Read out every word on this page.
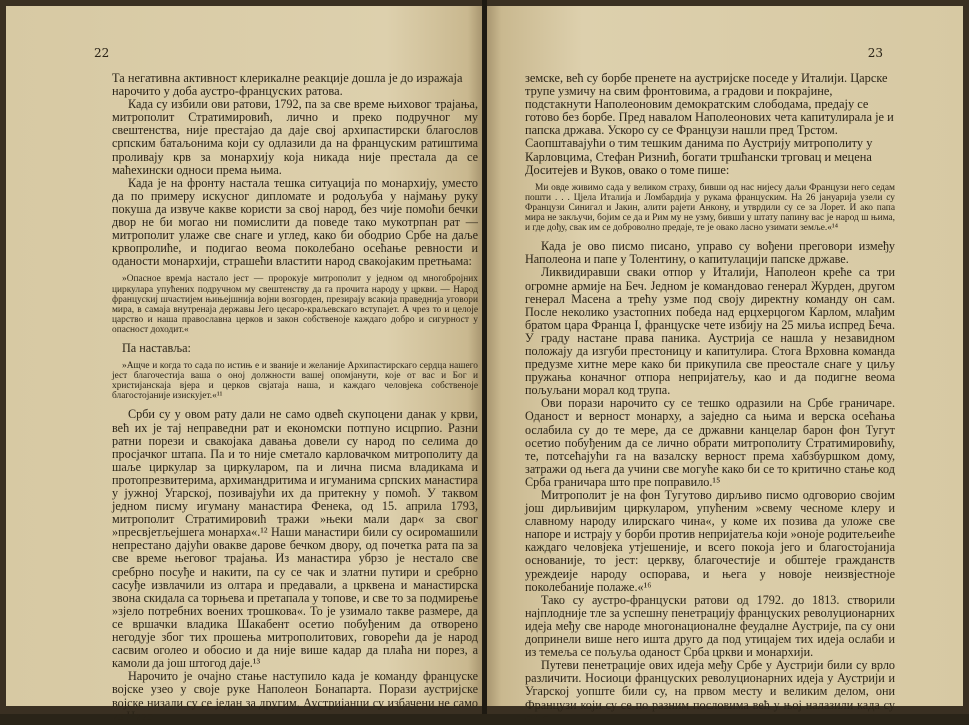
22

Та негативна активност клерикалне реакције дошла је до изражаја нарочито у доба аустро-француских ратова.

Када су избили ови ратови, 1792, па за све време њиховог трајања, митрополит Стратимировић, лично и преко подручног му свештенства, није престајао да даје свој архипастирски благослов српским батаљонима који су одлазили да на француским ратиштима проливају крв за монархију која никада није престала да се маћехински односи према њима.

Када је на фронту настала тешка ситуација по монархију, уместо да по примеру искусног дипломате и родољуба у најмању руку покуша да извуче какве користи за свој народ, без чије помоћи бечки двор не би могао ни помислити да поведе тако мукотрпан рат — митрополит улаже све снаге и углед, како би ободрио Србе на даље крвопролиће, и подигао веома поколебано осећање ревности и оданости монархији, страшећи властити народ свакојаким претњама:

»Опасное времја настало јест — пророкује митрополит у једном од многобројних циркулара упућених подручном му свештенству да га прочита народу у цркви. — Народ францускиј шчастијем њињејшнија војни возгорден, презирају всакија праведнија уговори мира, в самаја внутренаја державы Јего цесарo-краљевскаго вступајет. А чрез то и целоје царство и наша православна церков и закон собственоје каждаго добро и сигурност у опасност доходит.«

Па наставља:

»Ащче и когда то сада по истињ е и званије и желаније Архипастирскаго сердца нашего јест благочестија ваша о оној должности вашеј опомјанути, које от вас и Бог и христијанскаја вјера и церков свјатаја наша, и каждаго человјека собственоје благостојаније изискујет.«¹¹

Срби су у овом рату дали не само одвећ скупоцени данак у крви, већ их је тај неправедни рат и економски потпуно исцрпио. Разни ратни порези и свакојака давања довели су народ по селима до просјачког штапа. Па и то није сметало карловачком митрополиту да шаље циркулар за циркуларом, па и лична писма владикама и протопрезвитерима, архимандритима и игуманима српских манастира у јужној Угарској, позивајући их да притекну у помоћ. У таквом једном писму игуману манастира Фенека, од 15. априла 1793, митрополит Стратимировић тражи »њеки мали дар« за свог »пресвјетљејшега монарха«.¹² Наши манастири били су осиромашили непрестано дајући овакве дарове бечком двору, од почетка рата па за све време његовог трајања. Из манастира убрзо је нестало све сребрно посуђе и накити, па су се чак и златни путири и сребрно сасуђе извлачили из олтара и предавали, а црквена и манастирска звона скидала са торњева и претапала у топове, и све то за подмирење »зјело потребних воених трошкова«. То је узимало такве размере, да се вршачки владика Шакабент осетио побуђеним да отворено негодује због тих прошења митрополитових, говорећи да је народ сасвим оголео и обосио и да није више кадар да плаћа ни порез, а камоли да још штогод даје.¹³

Нарочито је очајно стање наступило када је команду француске војске узео у своје руке Наполеон Бонапарта. Порази аустријске војске низали су се један за другим. Аустријанци су избачени не само из Низо-

23

земске, већ су борбе пренете на аустријске поседе у Италији. Царске трупе узмичу на свим фронтовима, а градови и покрајине, подстакнути Наполеоновим демократским слободама, предају се готово без борбе. Пред навалом Наполеонових чета капитулирала је и папска држава. Ускоро су се Французи нашли пред Трстом. Саопштавајући о тим тешким данима по Аустрију митрополиту у Карловцима, Стефан Ризнић, богати тршћански трговац и мецена Доситејев и Вуков, овако о томе пише:

Ми овде живимо сада у великом страху, бивши од нас нијесу даљи Французи него седам пошти . . . Цјела Италија и Ломбардија у рукама француским. На 26 јануарија узели су Французи Синигал и Јакин, алити рајети Анкону, и утврдили су се за Лорет. И ако папа мира не закључи, бојим се да и Рим му не узму, бивши у штату папину вас је народ ш њима, и где дођу, свак им се доброволно предаје, те је овако ласно узимати земље.«¹⁴

Када је ово писмо писано, управо су вођени преговори између Наполеона и папе у Толентину, о капитулацији папске државе.

Ликвидиравши сваки отпор у Италији, Наполеон креће са три огромне армије на Беч. Једном је командовао генерал Журден, другом генерал Масена а трећу узме под своју директну команду он сам. После неколико узастопних победа над ерцхерцогом Карлом, млађим братом цара Франца I, француске чете избију на 25 миља испред Беча. У граду настане права паника. Аустрија се нашла у незавидном положају да изгуби престоницу и капитулира. Стога Врховна команда предузме хитне мере како би прикупила све преостале снаге у циљу пружања коначног отпора непријатељу, као и да подигне веома пољуљани морал код трупа.

Ови порази нарочито су се тешко одразили на Србе граничаре. Оданост и верност монарху, а заједно са њима и верска осећања ослабила су до те мере, да се државни канцелар барон фон Тугут осетио побуђеним да се лично обрати митрополиту Стратимировићу, те, потсећајући га на вазалску верност према хабзбуршком дому, затражи од њега да учини све могуће како би се то критично стање код Срба граничара што пре поправило.¹⁵

Митрополит је на фон Тугутово дирљиво писмо одговорио својим још дирљивијим циркуларом, упућеним »свему чесноме клеру и славному народу илирскаго чина«, у коме их позива да уложе све напоре и истрају у борби против непријатеља који »оноје родитељеиће каждаго человјека утјешеније, и всего покоја јего и благостојанија основаније, то јест: церкву, благочестије и обштеје гражданств уреждеије народу оспорава, и њега у новоје неизвјестноје поколебаније полаже.«¹⁶

Тако су аустро-француски ратови од 1792. до 1813. створили најплодније тле за успешну пенетрацију француских револуционарних идеја међу све народе многонационалне феудалне Аустрије, па су они допринели више него ишта друго да под утицајем тих идеја ослаби и из темеља се пољуља оданост Срба цркви и монархији.

Путеви пенетрације ових идеја међу Србе у Аустрији били су врло различити. Носиоци француских револуционарних идеја у Аустрији и Угарској уопште били су, на првом месту и великим делом, они Французи који су се по разним пословима већ у њој налазили када су отпо-
